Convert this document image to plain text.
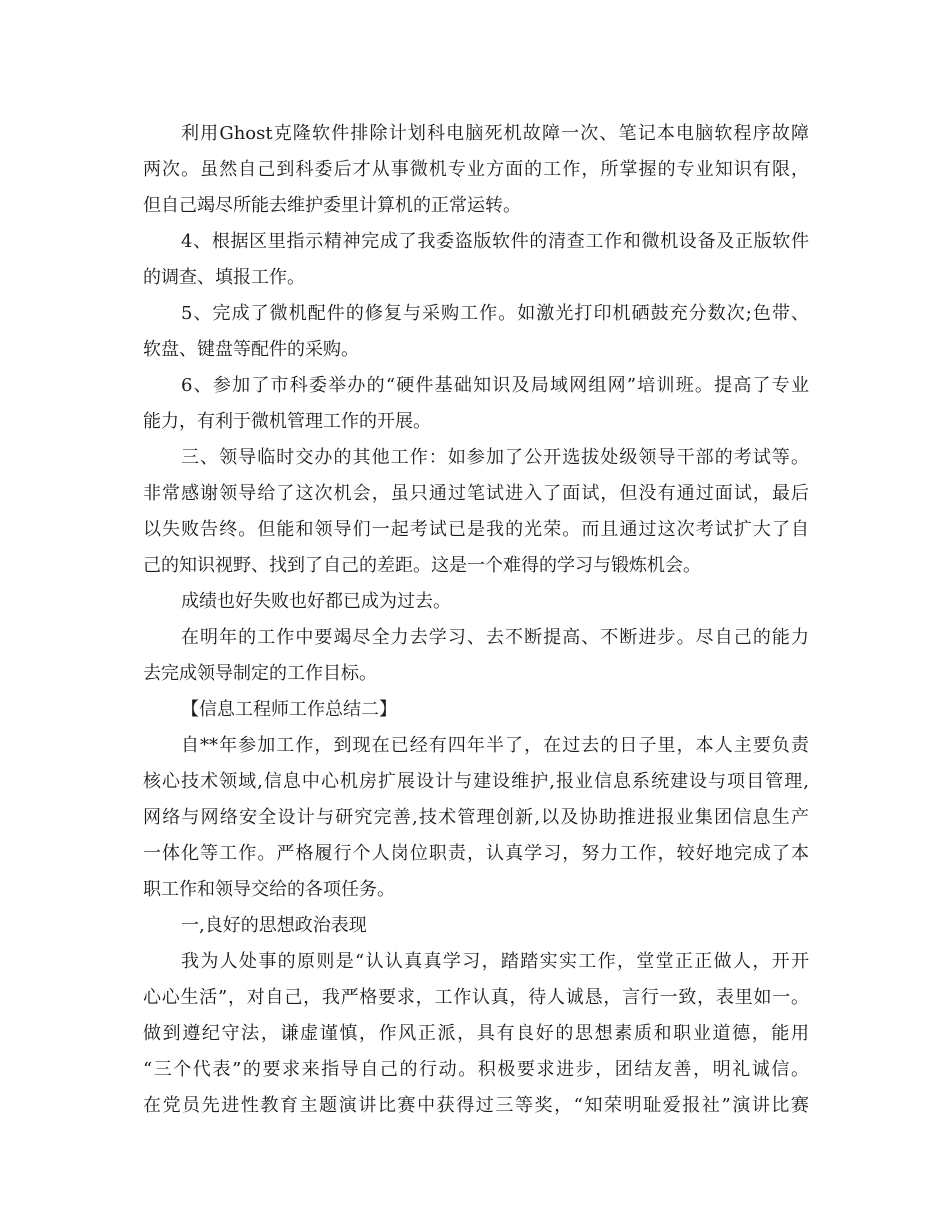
利用Ghost克隆软件排除计划科电脑死机故障一次、笔记本电脑软程序故障
两次。虽然自己到科委后才从事微机专业方面的工作，所掌握的专业知识有限，
但自己竭尽所能去维护委里计算机的正常运转。
4、根据区里指示精神完成了我委盗版软件的清查工作和微机设备及正版软件
的调查、填报工作。
5、完成了微机配件的修复与采购工作。如激光打印机硒鼓充分数次;色带、
软盘、键盘等配件的采购。
6、参加了市科委举办的“硬件基础知识及局域网组网”培训班。提高了专业
能力，有利于微机管理工作的开展。
三、领导临时交办的其他工作：如参加了公开选拔处级领导干部的考试等。
非常感谢领导给了这次机会，虽只通过笔试进入了面试，但没有通过面试，最后
以失败告终。但能和领导们一起考试已是我的光荣。而且通过这次考试扩大了自
己的知识视野、找到了自己的差距。这是一个难得的学习与锻炼机会。
成绩也好失败也好都已成为过去。
在明年的工作中要竭尽全力去学习、去不断提高、不断进步。尽自己的能力
去完成领导制定的工作目标。
【信息工程师工作总结二】
自**年参加工作，到现在已经有四年半了，在过去的日子里，本人主要负责
核心技术领域,信息中心机房扩展设计与建设维护,报业信息系统建设与项目管理,
网络与网络安全设计与研究完善,技术管理创新,以及协助推进报业集团信息生产
一体化等工作。严格履行个人岗位职责，认真学习，努力工作，较好地完成了本
职工作和领导交给的各项任务。
一,良好的思想政治表现
我为人处事的原则是“认认真真学习，踏踏实实工作，堂堂正正做人，开开
心心生活”，对自己，我严格要求，工作认真，待人诚恳，言行一致，表里如一。
做到遵纪守法，谦虚谨慎，作风正派，具有良好的思想素质和职业道德，能用
“三个代表”的要求来指导自己的行动。积极要求进步，团结友善，明礼诚信。
在党员先进性教育主题演讲比赛中获得过三等奖，“知荣明耻爱报社”演讲比赛
